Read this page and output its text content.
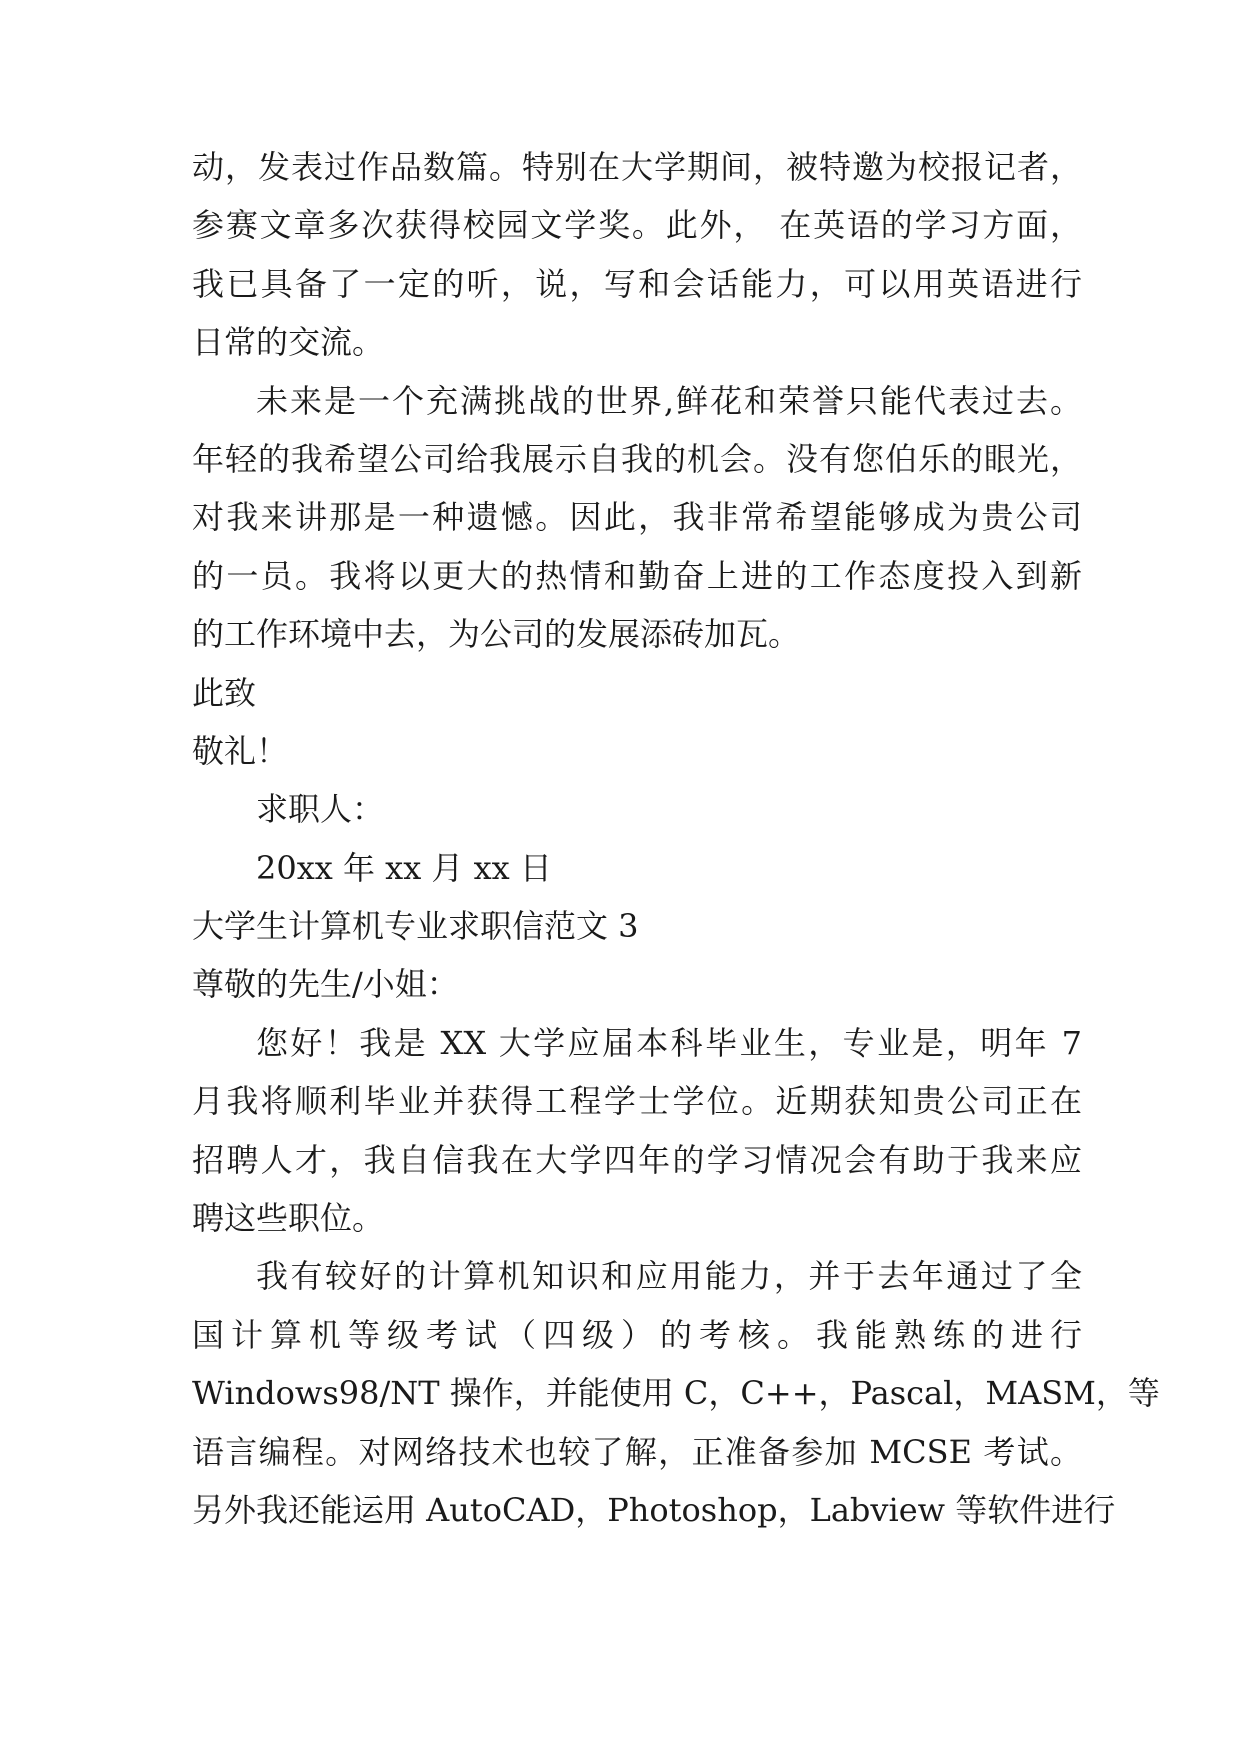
动，发表过作品数篇。特别在大学期间，被特邀为校报记者，
参赛文章多次获得校园文学奖。此外， 在英语的学习方面，
我已具备了一定的听，说，写和会话能力，可以用英语进行
日常的交流。
未来是一个充满挑战的世界,鲜花和荣誉只能代表过去。
年轻的我希望公司给我展示自我的机会。没有您伯乐的眼光，
对我来讲那是一种遗憾。因此，我非常希望能够成为贵公司
的一员。我将以更大的热情和勤奋上进的工作态度投入到新
的工作环境中去，为公司的发展添砖加瓦。
此致
敬礼！
求职人：
20xx 年 xx 月 xx 日
大学生计算机专业求职信范文 3
尊敬的先生/小姐：
您好！我是 XX 大学应届本科毕业生，专业是，明年 7
月我将顺利毕业并获得工程学士学位。近期获知贵公司正在
招聘人才，我自信我在大学四年的学习情况会有助于我来应
聘这些职位。
我有较好的计算机知识和应用能力，并于去年通过了全
国计算机等级考试（四级）的考核。我能熟练的进行
Windows98/NT 操作，并能使用 C，C++，Pascal，MASM，等
语言编程。对网络技术也较了解，正准备参加 MCSE 考试。
另外我还能运用 AutoCAD，Photoshop，Labview 等软件进行
